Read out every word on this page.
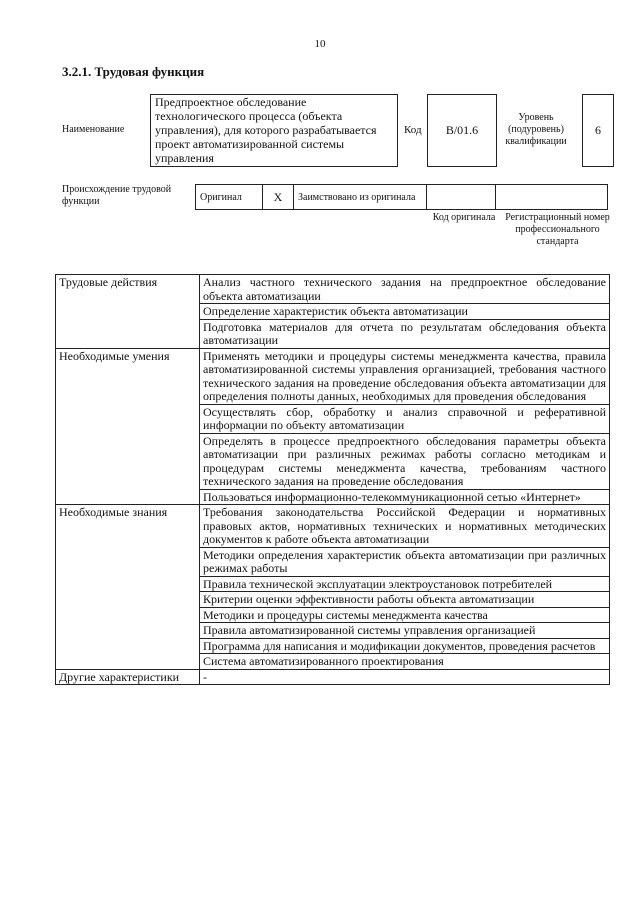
10
3.2.1. Трудовая функция
Наименование
Предпроектное обследование технологического процесса (объекта управления), для которого разрабатывается проект автоматизированной системы управления
Код B/01.6
Уровень (подуровень) квалификации
6
Происхождение трудовой функции	Оригинал	X	Заимствовано из оригинала		
Код оригинала Регистрационный номер профессионального стандарта
Трудовые действия	Анализ частного технического задания на предпроектное обследование объекта автоматизации
	Определение характеристик объекта автоматизации
	Подготовка материалов для отчета по результатам обследования объекта автоматизации
Необходимые умения	Применять методики и процедуры системы менеджмента качества, правила автоматизированной системы управления организацией, требования частного технического задания на проведение обследования объекта автоматизации для определения полноты данных, необходимых для проведения обследования
	Осуществлять сбор, обработку и анализ справочной и реферативной информации по объекту автоматизации
	Определять в процессе предпроектного обследования параметры объекта автоматизации при различных режимах работы согласно методикам и процедурам системы менеджмента качества, требованиям частного технического задания на проведение обследования
	Пользоваться информационно-телекоммуникационной сетью «Интернет»
Необходимые знания	Требования законодательства Российской Федерации и нормативных правовых актов, нормативных технических и нормативных методических документов к работе объекта автоматизации
	Методики определения характеристик объекта автоматизации при различных режимах работы
	Правила технической эксплуатации электроустановок потребителей
	Критерии оценки эффективности работы объекта автоматизации
	Методики и процедуры системы менеджмента качества
	Правила автоматизированной системы управления организацией
	Программа для написания и модификации документов, проведения расчетов
	Система автоматизированного проектирования
Другие характеристики	-
